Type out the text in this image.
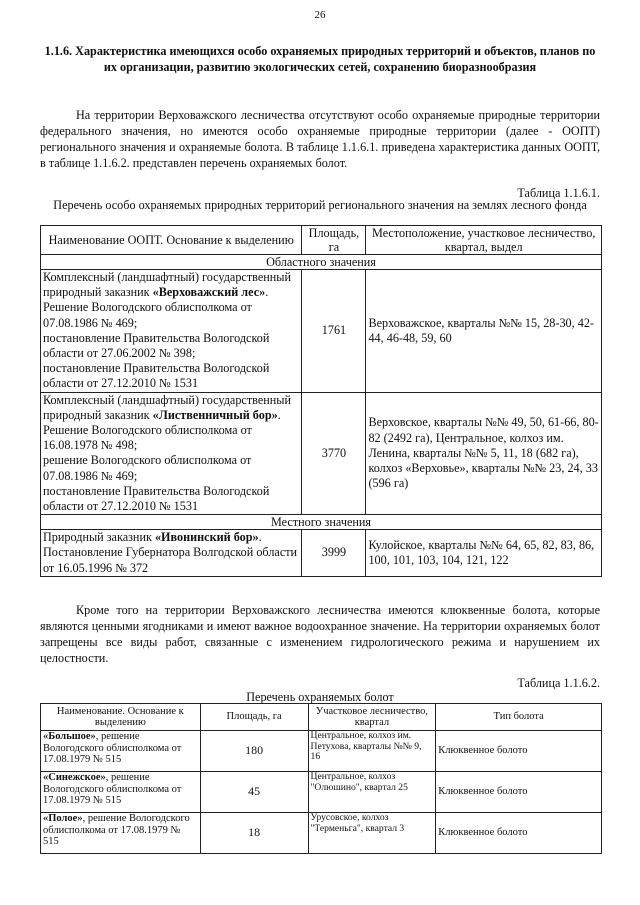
26
1.1.6. Характеристика имеющихся особо охраняемых природных территорий и объектов, планов по их организации, развитию экологических сетей, сохранению биоразнообразия

На территории Верховажского лесничества отсутствуют особо охраняемые природные территории федерального значения, но имеются особо охраняемые природные территории (далее - ООПТ) регионального значения и охраняемые болота. В таблице 1.1.6.1. приведена характеристика данных ООПТ, в таблице 1.1.6.2. представлен перечень охраняемых болот.

Таблица 1.1.6.1.
Перечень особо охраняемых природных территорий регионального значения на землях лесного фонда
Наименование ООПТ. Основание к выделению	Площадь, га	Местоположение, участковое лесничество, квартал, выдел
Областного значения		
Комплексный (ландшафтный) государственный природный заказник «Верховажский лес».
Решение Вологодского облисполкома от 07.08.1986 № 469;
постановление Правительства Вологодской области от 27.06.2002 № 398;
постановление Правительства Вологодской области от 27.12.2010 № 1531	1761	Верховажское, кварталы №№ 15, 28-30, 42-44, 46-48, 59, 60
Комплексный (ландшафтный) государственный природный заказник «Лиственничный бор».
Решение Вологодского облисполкома от 16.08.1978 № 498;
решение Вологодского облисполкома от 07.08.1986 № 469;
постановление Правительства Вологодской области от 27.12.2010 № 1531	3770	Верховское, кварталы №№ 49, 50, 61-66, 80-82 (2492 га), Центральное, колхоз им. Ленина, кварталы №№ 5, 11, 18 (682 га), колхоз «Верховье», кварталы №№ 23, 24, 33 (596 га)
Местного значения		
Природный заказник «Ивонинский бор».
Постановление Губернатора Волгодской области от 16.05.1996 № 372	3999	Кулойское, кварталы №№ 64, 65, 82, 83, 86, 100, 101, 103, 104, 121, 122

Кроме того на территории Верховажского лесничества имеются клюквенные болота, которые являются ценными ягодниками и имеют важное водоохранное значение. На территории охраняемых болот запрещены все виды работ, связанные с изменением гидрологического режима и нарушением их целостности.

Таблица 1.1.6.2.
Перечень охраняемых болот
Наименование. Основание к выделению	Площадь, га	Участковое лесничество, квартал	Тип болота
«Большое», решение Вологодского облисполкома от 17.08.1979 № 515	180	Центральное, колхоз им. Петухова, кварталы №№ 9, 16	Клюквенное болото
«Синежское», решение Вологодского облисполкома от 17.08.1979 № 515	45	Центральное, колхоз "Олюшино", квартал 25	Клюквенное болото
«Полое», решение Вологодского облисполкома от 17.08.1979 № 515	18	Урусовское, колхоз "Терменьга", квартал 3	Клюквенное болото
